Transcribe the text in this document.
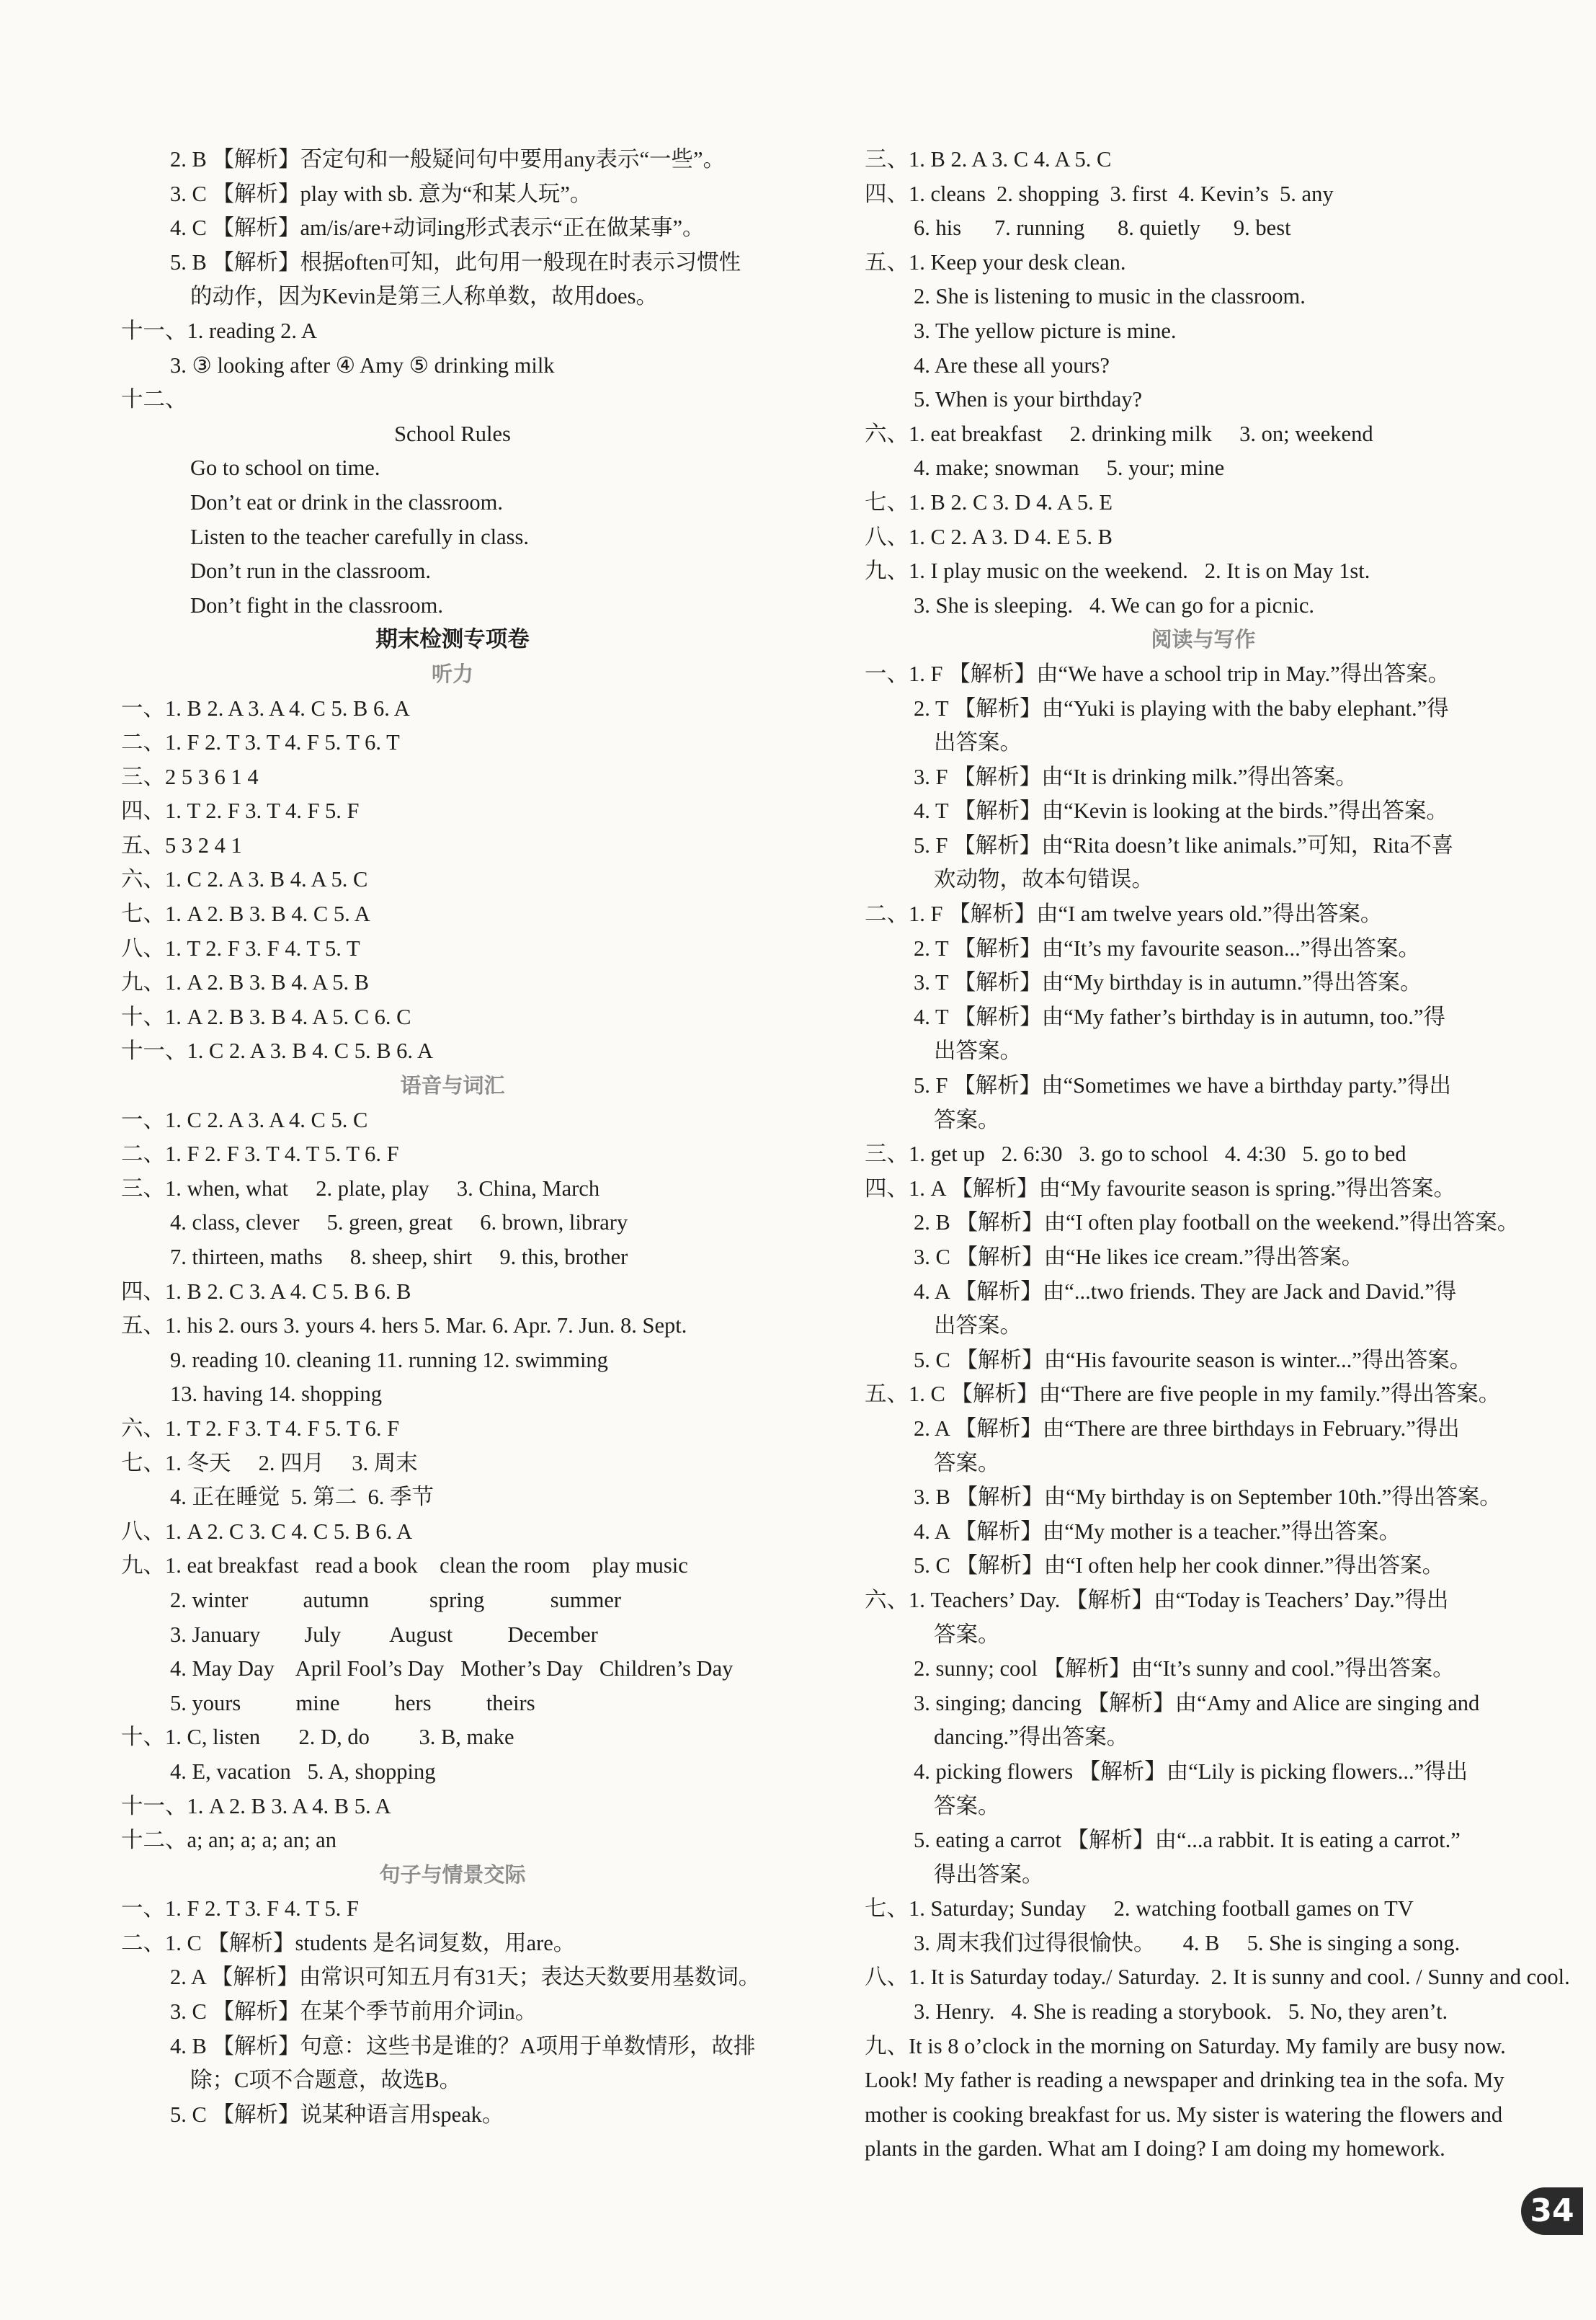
2. B 【解析】否定句和一般疑问句中要用any表示“一些”。
3. C 【解析】play with sb. 意为“和某人玩”。
4. C 【解析】am/is/are+动词ing形式表示“正在做某事”。
5. B 【解析】根据often可知，此句用一般现在时表示习惯性
的动作，因为Kevin是第三人称单数，故用does。
十一、1. reading 2. A
3. ③ looking after ④ Amy ⑤ drinking milk
十二、
School Rules
Go to school on time.
Don’t eat or drink in the classroom.
Listen to the teacher carefully in class.
Don’t run in the classroom.
Don’t fight in the classroom.
期末检测专项卷
听力
一、1. B 2. A 3. A 4. C 5. B 6. A
二、1. F 2. T 3. T 4. F 5. T 6. T
三、2 5 3 6 1 4
四、1. T 2. F 3. T 4. F 5. F
五、5 3 2 4 1
六、1. C 2. A 3. B 4. A 5. C
七、1. A 2. B 3. B 4. C 5. A
八、1. T 2. F 3. F 4. T 5. T
九、1. A 2. B 3. B 4. A 5. B
十、1. A 2. B 3. B 4. A 5. C 6. C
十一、1. C 2. A 3. B 4. C 5. B 6. A
语音与词汇
一、1. C 2. A 3. A 4. C 5. C
二、1. F 2. F 3. T 4. T 5. T 6. F
三、1. when, what     2. plate, play     3. China, March
4. class, clever     5. green, great     6. brown, library
7. thirteen, maths     8. sheep, shirt     9. this, brother
四、1. B 2. C 3. A 4. C 5. B 6. B
五、1. his 2. ours 3. yours 4. hers 5. Mar. 6. Apr. 7. Jun. 8. Sept.
9. reading 10. cleaning 11. running 12. swimming
13. having 14. shopping
六、1. T 2. F 3. T 4. F 5. T 6. F
七、1. 冬天     2. 四月     3. 周末
4. 正在睡觉  5. 第二  6. 季节
八、1. A 2. C 3. C 4. C 5. B 6. A
九、1. eat breakfast   read a book    clean the room    play music
2. winter          autumn           spring            summer
3. January        July         August          December
4. May Day    April Fool’s Day   Mother’s Day   Children’s Day
5. yours          mine          hers          theirs
十、1. C, listen       2. D, do         3. B, make
4. E, vacation   5. A, shopping
十一、1. A 2. B 3. A 4. B 5. A
十二、a; an; a; a; an; an
句子与情景交际
一、1. F 2. T 3. F 4. T 5. F
二、1. C 【解析】students 是名词复数，用are。
2. A 【解析】由常识可知五月有31天；表达天数要用基数词。
3. C 【解析】在某个季节前用介词in。
4. B 【解析】句意：这些书是谁的？A项用于单数情形，故排
除；C项不合题意，故选B。
5. C 【解析】说某种语言用speak。
三、1. B 2. A 3. C 4. A 5. C
四、1. cleans  2. shopping  3. first  4. Kevin’s  5. any
6. his      7. running      8. quietly      9. best
五、1. Keep your desk clean.
2. She is listening to music in the classroom.
3. The yellow picture is mine.
4. Are these all yours?
5. When is your birthday?
六、1. eat breakfast     2. drinking milk     3. on; weekend
4. make; snowman     5. your; mine
七、1. B 2. C 3. D 4. A 5. E
八、1. C 2. A 3. D 4. E 5. B
九、1. I play music on the weekend.   2. It is on May 1st.
3. She is sleeping.   4. We can go for a picnic.
阅读与写作
一、1. F 【解析】由“We have a school trip in May.”得出答案。
2. T 【解析】由“Yuki is playing with the baby elephant.”得
出答案。
3. F 【解析】由“It is drinking milk.”得出答案。
4. T 【解析】由“Kevin is looking at the birds.”得出答案。
5. F 【解析】由“Rita doesn’t like animals.”可知，Rita不喜
欢动物，故本句错误。
二、1. F 【解析】由“I am twelve years old.”得出答案。
2. T 【解析】由“It’s my favourite season...”得出答案。
3. T 【解析】由“My birthday is in autumn.”得出答案。
4. T 【解析】由“My father’s birthday is in autumn, too.”得
出答案。
5. F 【解析】由“Sometimes we have a birthday party.”得出
答案。
三、1. get up   2. 6:30   3. go to school   4. 4:30   5. go to bed
四、1. A 【解析】由“My favourite season is spring.”得出答案。
2. B 【解析】由“I often play football on the weekend.”得出答案。
3. C 【解析】由“He likes ice cream.”得出答案。
4. A 【解析】由“...two friends. They are Jack and David.”得
出答案。
5. C 【解析】由“His favourite season is winter...”得出答案。
五、1. C 【解析】由“There are five people in my family.”得出答案。
2. A 【解析】由“There are three birthdays in February.”得出
答案。
3. B 【解析】由“My birthday is on September 10th.”得出答案。
4. A 【解析】由“My mother is a teacher.”得出答案。
5. C 【解析】由“I often help her cook dinner.”得出答案。
六、1. Teachers’ Day. 【解析】由“Today is Teachers’ Day.”得出
答案。
2. sunny; cool 【解析】由“It’s sunny and cool.”得出答案。
3. singing; dancing 【解析】由“Amy and Alice are singing and
dancing.”得出答案。
4. picking flowers 【解析】由“Lily is picking flowers...”得出
答案。
5. eating a carrot 【解析】由“...a rabbit. It is eating a carrot.”
得出答案。
七、1. Saturday; Sunday     2. watching football games on TV
3. 周末我们过得很愉快。     4. B     5. She is singing a song.
八、1. It is Saturday today./ Saturday.  2. It is sunny and cool. / Sunny and cool.
3. Henry.   4. She is reading a storybook.   5. No, they aren’t.
九、It is 8 o’clock in the morning on Saturday. My family are busy now.
Look! My father is reading a newspaper and drinking tea in the sofa. My
mother is cooking breakfast for us. My sister is watering the flowers and
plants in the garden. What am I doing? I am doing my homework.
34
